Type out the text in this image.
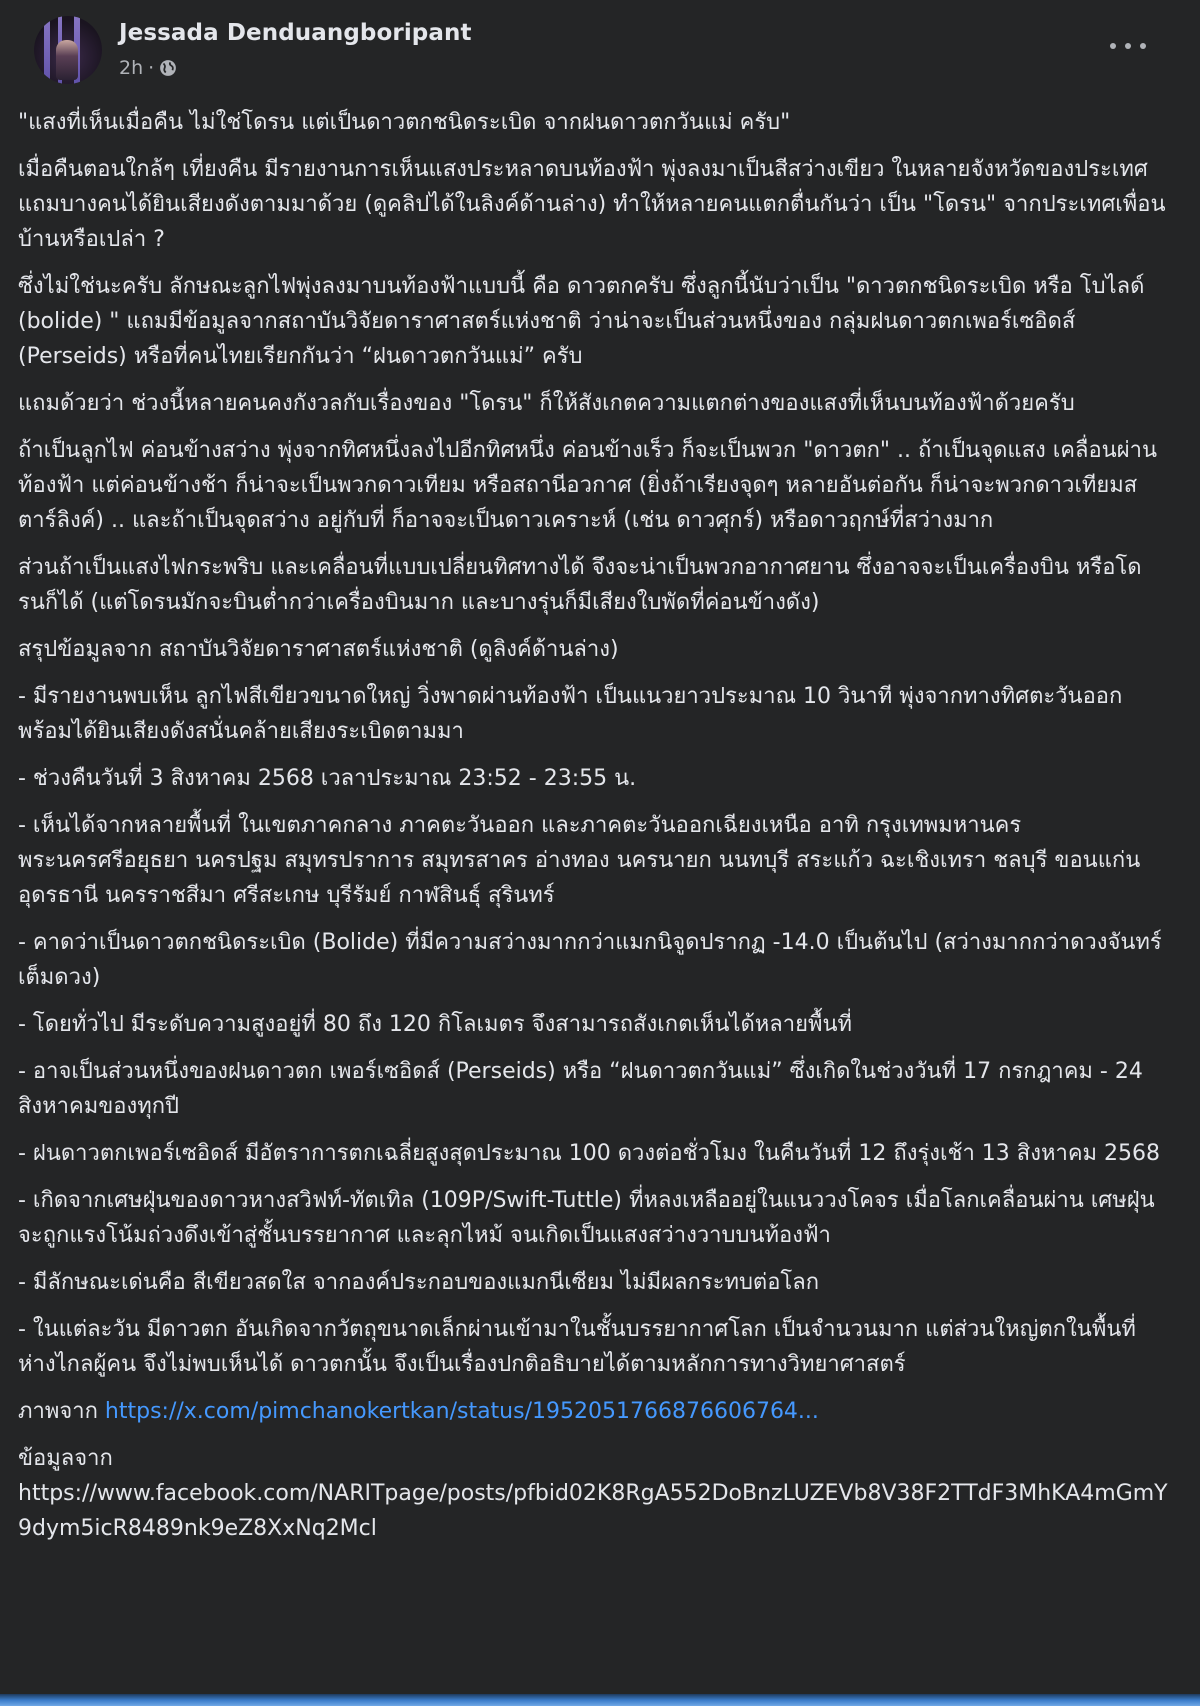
Jessada Denduangboripant
2h ·

"แสงที่เห็นเมื่อคืน ไม่ใช่โดรน แต่เป็นดาวตกชนิดระเบิด จากฝนดาวตกวันแม่ ครับ"

เมื่อคืนตอนใกล้ๆ เที่ยงคืน มีรายงานการเห็นแสงประหลาดบนท้องฟ้า พุ่งลงมาเป็นสีสว่างเขียว ในหลายจังหวัดของประเทศ แถมบางคนได้ยินเสียงดังตามมาด้วย (ดูคลิปได้ในลิงค์ด้านล่าง) ทำให้หลายคนแตกตื่นกันว่า เป็น "โดรน" จากประเทศเพื่อนบ้านหรือเปล่า ?

ซึ่งไม่ใช่นะครับ ลักษณะลูกไฟพุ่งลงมาบนท้องฟ้าแบบนี้ คือ ดาวตกครับ ซึ่งลูกนี้นับว่าเป็น "ดาวตกชนิดระเบิด หรือ โบไลด์ (bolide) " แถมมีข้อมูลจากสถาบันวิจัยดาราศาสตร์แห่งชาติ ว่าน่าจะเป็นส่วนหนึ่งของ กลุ่มฝนดาวตกเพอร์เซอิดส์ (Perseids) หรือที่คนไทยเรียกกันว่า “ฝนดาวตกวันแม่” ครับ

แถมด้วยว่า ช่วงนี้หลายคนคงกังวลกับเรื่องของ "โดรน" ก็ให้สังเกตความแตกต่างของแสงที่เห็นบนท้องฟ้าด้วยครับ

ถ้าเป็นลูกไฟ ค่อนข้างสว่าง พุ่งจากทิศหนึ่งลงไปอีกทิศหนึ่ง ค่อนข้างเร็ว ก็จะเป็นพวก "ดาวตก" .. ถ้าเป็นจุดแสง เคลื่อนผ่านท้องฟ้า แต่ค่อนข้างช้า ก็น่าจะเป็นพวกดาวเทียม หรือสถานีอวกาศ (ยิ่งถ้าเรียงจุดๆ หลายอันต่อกัน ก็น่าจะพวกดาวเทียมสตาร์ลิงค์) .. และถ้าเป็นจุดสว่าง อยู่กับที่ ก็อาจจะเป็นดาวเคราะห์ (เช่น ดาวศุกร์) หรือดาวฤกษ์ที่สว่างมาก

ส่วนถ้าเป็นแสงไฟกระพริบ และเคลื่อนที่แบบเปลี่ยนทิศทางได้ จึงจะน่าเป็นพวกอากาศยาน ซึ่งอาจจะเป็นเครื่องบิน หรือโดรนก็ได้ (แต่โดรนมักจะบินต่ำกว่าเครื่องบินมาก และบางรุ่นก็มีเสียงใบพัดที่ค่อนข้างดัง)

สรุปข้อมูลจาก สถาบันวิจัยดาราศาสตร์แห่งชาติ (ดูลิงค์ด้านล่าง)

- มีรายงานพบเห็น ลูกไฟสีเขียวขนาดใหญ่ วิ่งพาดผ่านท้องฟ้า เป็นแนวยาวประมาณ 10 วินาที พุ่งจากทางทิศตะวันออก พร้อมได้ยินเสียงดังสนั่นคล้ายเสียงระเบิดตามมา

- ช่วงคืนวันที่ 3 สิงหาคม 2568 เวลาประมาณ 23:52 - 23:55 น.

- เห็นได้จากหลายพื้นที่ ในเขตภาคกลาง ภาคตะวันออก และภาคตะวันออกเฉียงเหนือ อาทิ กรุงเทพมหานคร พระนครศรีอยุธยา นครปฐม สมุทรปราการ สมุทรสาคร อ่างทอง นครนายก นนทบุรี สระแก้ว ฉะเชิงเทรา ชลบุรี ขอนแก่น อุดรธานี นครราชสีมา ศรีสะเกษ บุรีรัมย์ กาฬสินธุ์ สุรินทร์

- คาดว่าเป็นดาวตกชนิดระเบิด (Bolide) ที่มีความสว่างมากกว่าแมกนิจูดปรากฏ -14.0 เป็นต้นไป (สว่างมากกว่าดวงจันทร์เต็มดวง)

- โดยทั่วไป มีระดับความสูงอยู่ที่ 80 ถึง 120 กิโลเมตร จึงสามารถสังเกตเห็นได้หลายพื้นที่

- อาจเป็นส่วนหนึ่งของฝนดาวตก เพอร์เซอิดส์ (Perseids) หรือ “ฝนดาวตกวันแม่” ซึ่งเกิดในช่วงวันที่ 17 กรกฎาคม - 24 สิงหาคมของทุกปี

- ฝนดาวตกเพอร์เซอิดส์ มีอัตราการตกเฉลี่ยสูงสุดประมาณ 100 ดวงต่อชั่วโมง ในคืนวันที่ 12 ถึงรุ่งเช้า 13 สิงหาคม 2568

- เกิดจากเศษฝุ่นของดาวหางสวิฟท์-ทัตเทิล (109P/Swift-Tuttle) ที่หลงเหลืออยู่ในแนววงโคจร เมื่อโลกเคลื่อนผ่าน เศษฝุ่นจะถูกแรงโน้มถ่วงดึงเข้าสู่ชั้นบรรยากาศ และลุกไหม้ จนเกิดเป็นแสงสว่างวาบบนท้องฟ้า

- มีลักษณะเด่นคือ สีเขียวสดใส จากองค์ประกอบของแมกนีเซียม ไม่มีผลกระทบต่อโลก

- ในแต่ละวัน มีดาวตก อันเกิดจากวัตถุขนาดเล็กผ่านเข้ามาในชั้นบรรยากาศโลก เป็นจำนวนมาก แต่ส่วนใหญ่ตกในพื้นที่ห่างไกลผู้คน จึงไม่พบเห็นได้ ดาวตกนั้น จึงเป็นเรื่องปกติอธิบายได้ตามหลักการทางวิทยาศาสตร์

ภาพจาก https://x.com/pimchanokertkan/status/195205176687660676​4...

ข้อมูลจาก
https://www.facebook.com/NARITpage/posts/pfbid02K8RgA552DoBnzLUZEVb8V38F2TTdF3MhKA4mGmY9dym5icR8489nk9eZ8XxNq2Mcl
